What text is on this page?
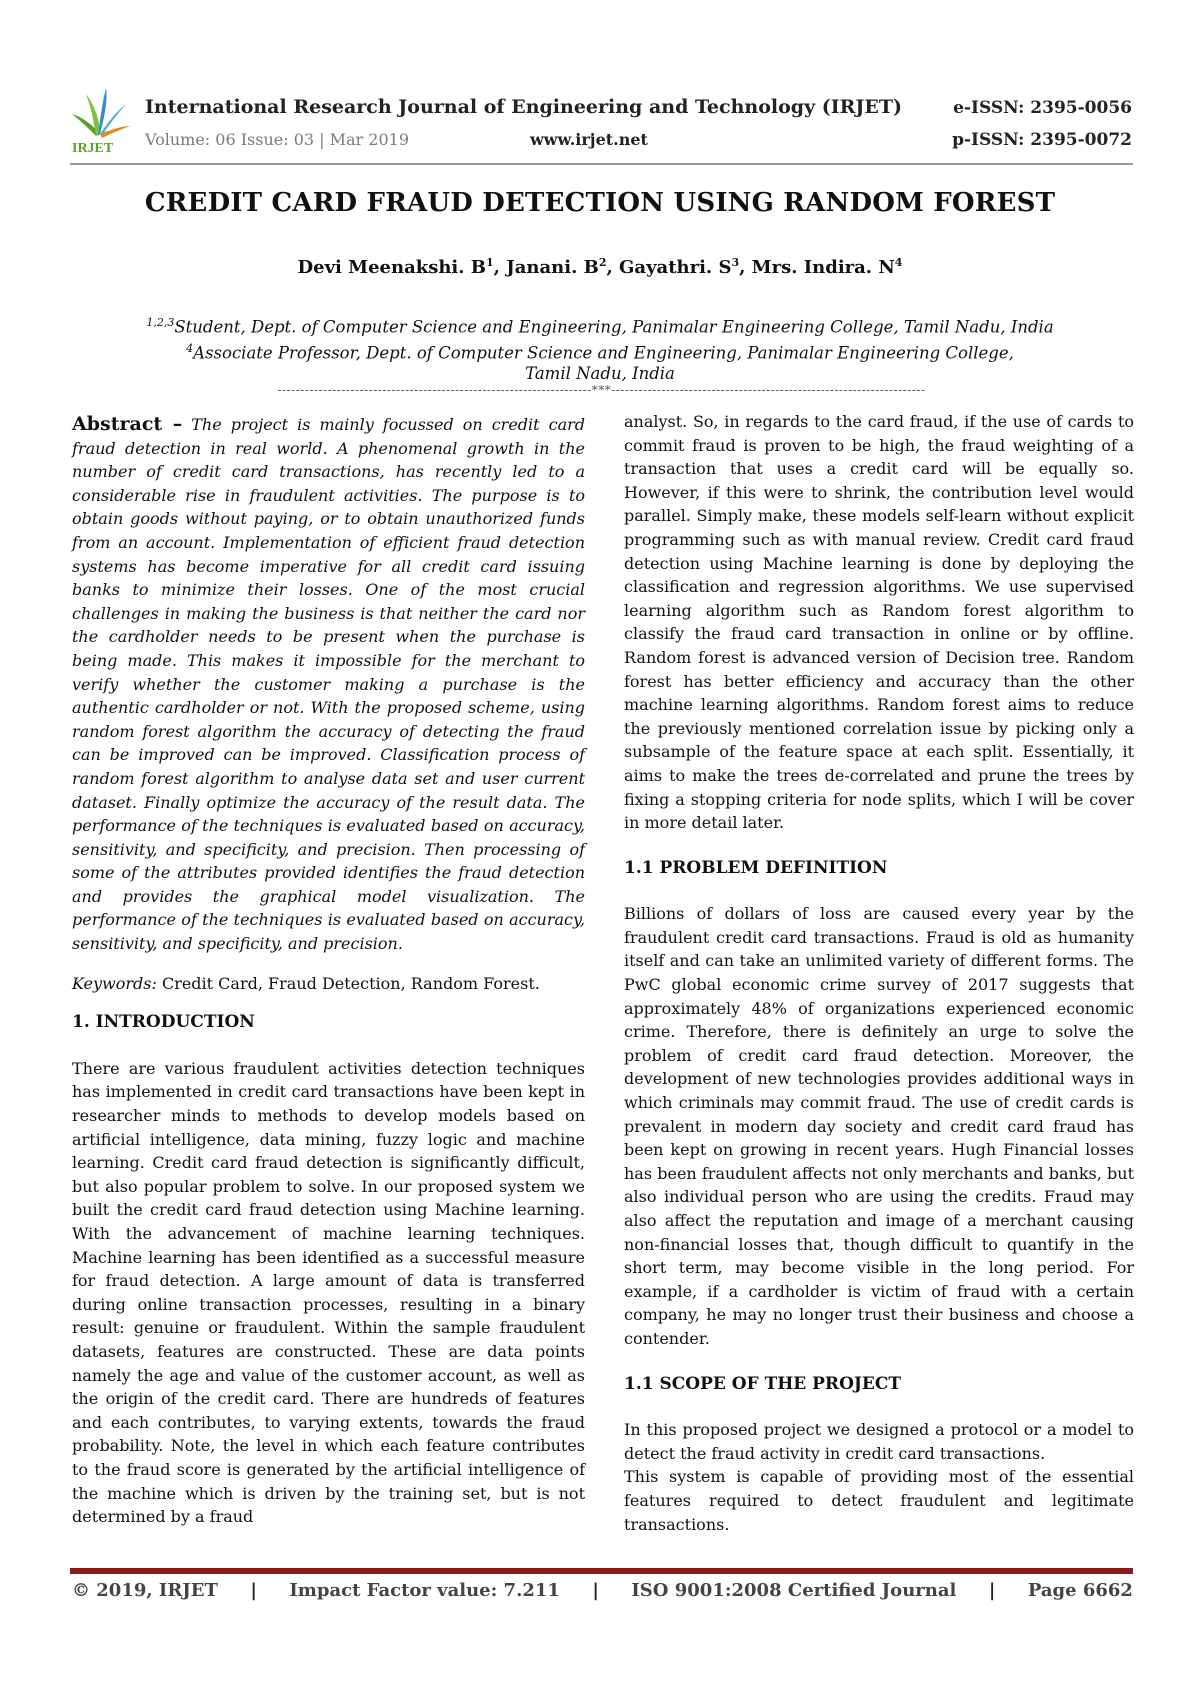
IRJET
International Research Journal of Engineering and Technology (IRJET)
Volume: 06 Issue: 03 | Mar 2019	www.irjet.net
e-ISSN: 2395-0056
p-ISSN: 2395-0072
CREDIT CARD FRAUD DETECTION USING RANDOM FOREST
Devi Meenakshi. $B^1$, Janani. $B^2$, Gayathri. $S^3$, Mrs. Indira. $N^4$
$^{1,2,3}$Student, Dept. of Computer Science and Engineering, Panimalar Engineering College, Tamil Nadu, India
$^4$Associate Professor, Dept. of Computer Science and Engineering, Panimalar Engineering College,
Tamil Nadu, India
---------------------------------------------------------------------***---------------------------------------------------------------------

Abstract – The project is mainly focussed on credit card fraud detection in real world. A phenomenal growth in the number of credit card transactions, has recently led to a considerable rise in fraudulent activities. The purpose is to obtain goods without paying, or to obtain unauthorized funds from an account. Implementation of efficient fraud detection systems has become imperative for all credit card issuing banks to minimize their losses. One of the most crucial challenges in making the business is that neither the card nor the cardholder needs to be present when the purchase is being made. This makes it impossible for the merchant to verify whether the customer making a purchase is the authentic cardholder or not. With the proposed scheme, using random forest algorithm the accuracy of detecting the fraud can be improved can be improved. Classification process of random forest algorithm to analyse data set and user current dataset. Finally optimize the accuracy of the result data. The performance of the techniques is evaluated based on accuracy, sensitivity, and specificity, and precision. Then processing of some of the attributes provided identifies the fraud detection and provides the graphical model visualization. The performance of the techniques is evaluated based on accuracy, sensitivity, and specificity, and precision.

Keywords: Credit Card, Fraud Detection, Random Forest.

1. INTRODUCTION

There are various fraudulent activities detection techniques has implemented in credit card transactions have been kept in researcher minds to methods to develop models based on artificial intelligence, data mining, fuzzy logic and machine learning. Credit card fraud detection is significantly difficult, but also popular problem to solve. In our proposed system we built the credit card fraud detection using Machine learning. With the advancement of machine learning techniques. Machine learning has been identified as a successful measure for fraud detection. A large amount of data is transferred during online transaction processes, resulting in a binary result: genuine or fraudulent. Within the sample fraudulent datasets, features are constructed. These are data points namely the age and value of the customer account, as well as the origin of the credit card. There are hundreds of features and each contributes, to varying extents, towards the fraud probability. Note, the level in which each feature contributes to the fraud score is generated by the artificial intelligence of the machine which is driven by the training set, but is not determined by a fraud

analyst. So, in regards to the card fraud, if the use of cards to commit fraud is proven to be high, the fraud weighting of a transaction that uses a credit card will be equally so. However, if this were to shrink, the contribution level would parallel. Simply make, these models self-learn without explicit programming such as with manual review. Credit card fraud detection using Machine learning is done by deploying the classification and regression algorithms. We use supervised learning algorithm such as Random forest algorithm to classify the fraud card transaction in online or by offline. Random forest is advanced version of Decision tree. Random forest has better efficiency and accuracy than the other machine learning algorithms. Random forest aims to reduce the previously mentioned correlation issue by picking only a subsample of the feature space at each split. Essentially, it aims to make the trees de-correlated and prune the trees by fixing a stopping criteria for node splits, which I will be cover in more detail later.

1.1 PROBLEM DEFINITION

Billions of dollars of loss are caused every year by the fraudulent credit card transactions. Fraud is old as humanity itself and can take an unlimited variety of different forms. The PwC global economic crime survey of 2017 suggests that approximately 48% of organizations experienced economic crime. Therefore, there is definitely an urge to solve the problem of credit card fraud detection. Moreover, the development of new technologies provides additional ways in which criminals may commit fraud. The use of credit cards is prevalent in modern day society and credit card fraud has been kept on growing in recent years. Hugh Financial losses has been fraudulent affects not only merchants and banks, but also individual person who are using the credits. Fraud may also affect the reputation and image of a merchant causing non-financial losses that, though difficult to quantify in the short term, may become visible in the long period. For example, if a cardholder is victim of fraud with a certain company, he may no longer trust their business and choose a contender.

1.1 SCOPE OF THE PROJECT

In this proposed project we designed a protocol or a model to detect the fraud activity in credit card transactions.

This system is capable of providing most of the essential features required to detect fraudulent and legitimate transactions.

© 2019, IRJET | Impact Factor value: 7.211 | ISO 9001:2008 Certified Journal | Page 6662
